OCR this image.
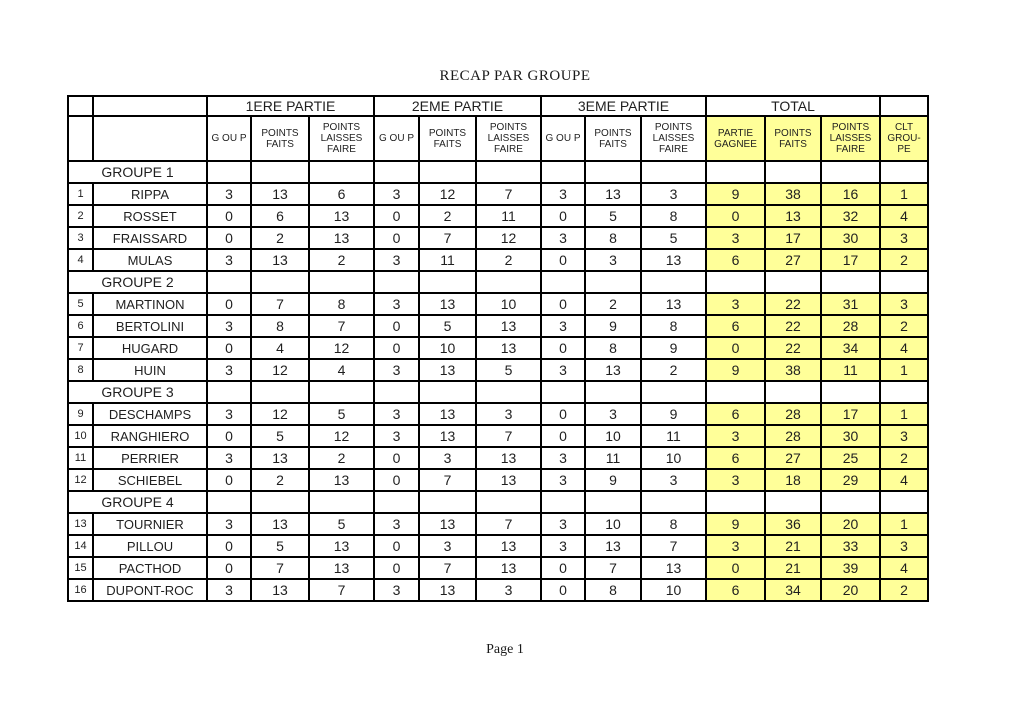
RECAP PAR GROUPE
		1ERE PARTIE			2EME PARTIE			3EME PARTIE			TOTAL			
		G OU P	POINTS FAITS	POINTS LAISSES FAIRE	G OU P	POINTS FAITS	POINTS LAISSES FAIRE	G OU P	POINTS FAITS	POINTS LAISSES FAIRE	PARTIE GAGNEE	POINTS FAITS	POINTS LAISSES FAIRE	CLT GROU-PE
GROUPE 1														
1	RIPPA	3	13	6	3	12	7	3	13	3	9	38	16	1
2	ROSSET	0	6	13	0	2	11	0	5	8	0	13	32	4
3	FRAISSARD	0	2	13	0	7	12	3	8	5	3	17	30	3
4	MULAS	3	13	2	3	11	2	0	3	13	6	27	17	2
GROUPE 2														
5	MARTINON	0	7	8	3	13	10	0	2	13	3	22	31	3
6	BERTOLINI	3	8	7	0	5	13	3	9	8	6	22	28	2
7	HUGARD	0	4	12	0	10	13	0	8	9	0	22	34	4
8	HUIN	3	12	4	3	13	5	3	13	2	9	38	11	1
GROUPE 3														
9	DESCHAMPS	3	12	5	3	13	3	0	3	9	6	28	17	1
10	RANGHIERO	0	5	12	3	13	7	0	10	11	3	28	30	3
11	PERRIER	3	13	2	0	3	13	3	11	10	6	27	25	2
12	SCHIEBEL	0	2	13	0	7	13	3	9	3	3	18	29	4
GROUPE 4														
13	TOURNIER	3	13	5	3	13	7	3	10	8	9	36	20	1
14	PILLOU	0	5	13	0	3	13	3	13	7	3	21	33	3
15	PACTHOD	0	7	13	0	7	13	0	7	13	0	21	39	4
16	DUPONT-ROC	3	13	7	3	13	3	0	8	10	6	34	20	2
Page 1
